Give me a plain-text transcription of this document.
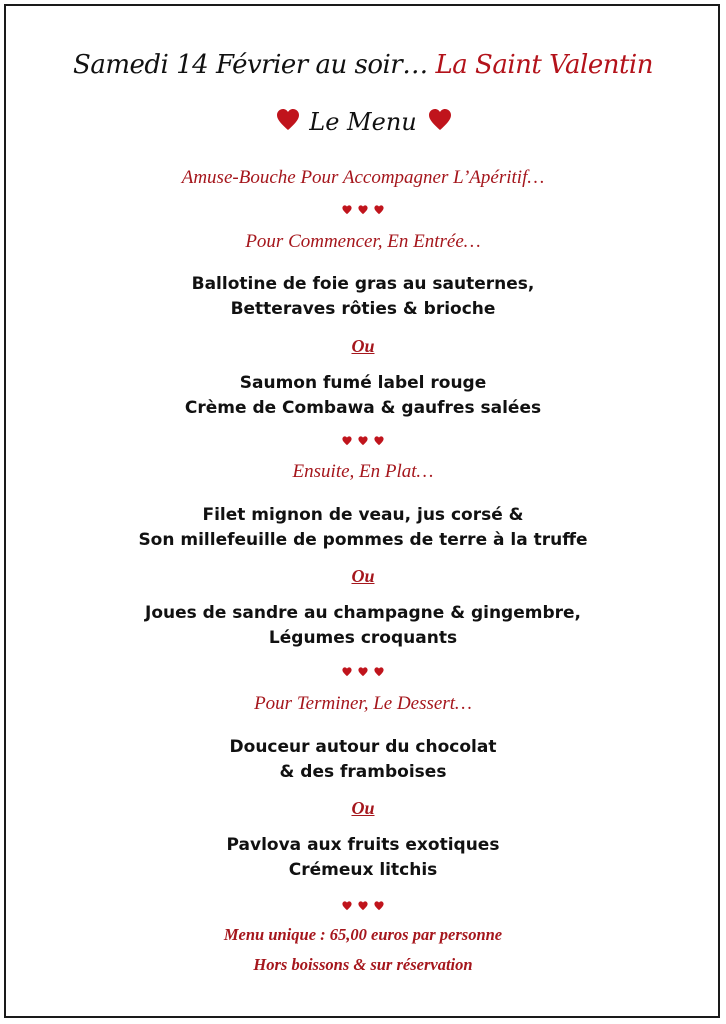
Samedi 14 Février au soir… La Saint Valentin
Le Menu
Amuse-Bouche Pour Accompagner L’Apéritif…

Pour Commencer, En Entrée…
Ballotine de foie gras au sauternes,
Betteraves rôties & brioche
Ou
Saumon fumé label rouge
Crème de Combawa & gaufres salées

Ensuite, En Plat…
Filet mignon de veau, jus corsé &
Son millefeuille de pommes de terre à la truffe
Ou
Joues de sandre au champagne & gingembre,
Légumes croquants

Pour Terminer, Le Dessert…
Douceur autour du chocolat
& des framboises
Ou
Pavlova aux fruits exotiques
Crémeux litchis

Menu unique : 65,00 euros par personne
Hors boissons & sur réservation
